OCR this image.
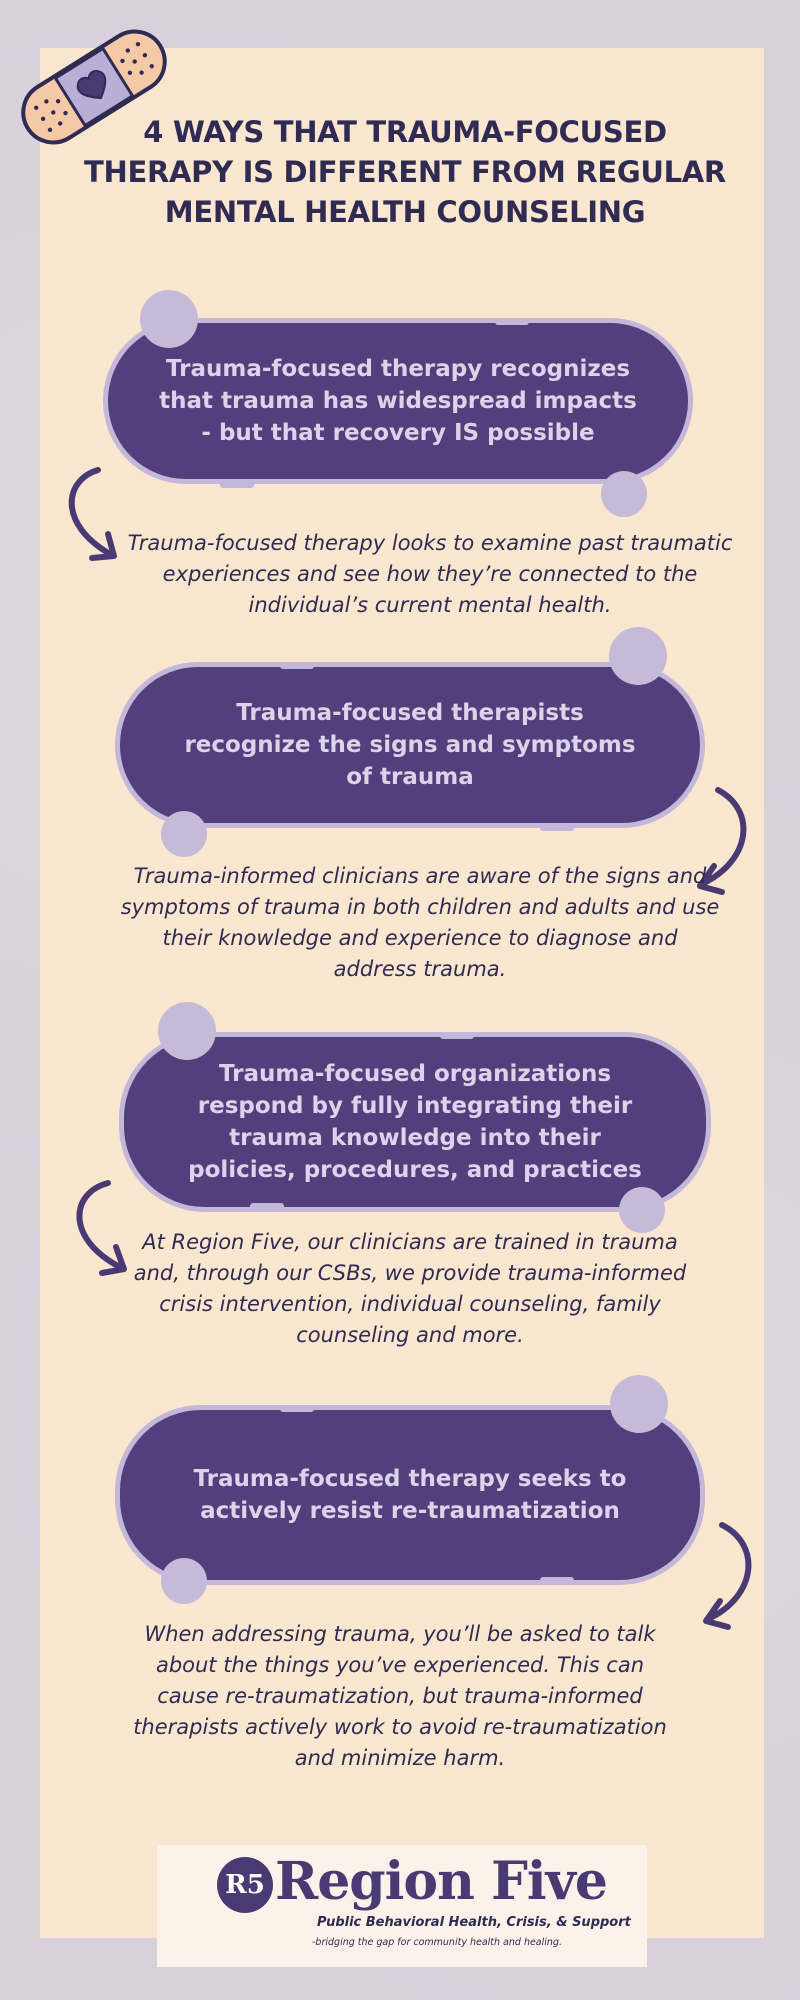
4 WAYS THAT TRAUMA-FOCUSED THERAPY IS DIFFERENT FROM REGULAR MENTAL HEALTH COUNSELING
Trauma-focused therapy recognizes that trauma has widespread impacts - but that recovery IS possible

Trauma-focused therapy looks to examine past traumatic experiences and see how they’re connected to the individual’s current mental health.

Trauma-focused therapists recognize the signs and symptoms of trauma

Trauma-informed clinicians are aware of the signs and symptoms of trauma in both children and adults and use their knowledge and experience to diagnose and address trauma.

Trauma-focused organizations respond by fully integrating their trauma knowledge into their policies, procedures, and practices

At Region Five, our clinicians are trained in trauma and, through our CSBs, we provide trauma-informed crisis intervention, individual counseling, family counseling and more.

Trauma-focused therapy seeks to actively resist re-traumatization

When addressing trauma, you’ll be asked to talk about the things you’ve experienced. This can cause re-traumatization, but trauma-informed therapists actively work to avoid re-traumatization and minimize harm.

R5 Region Five
Public Behavioral Health, Crisis, & Support
-bridging the gap for community health and healing.
